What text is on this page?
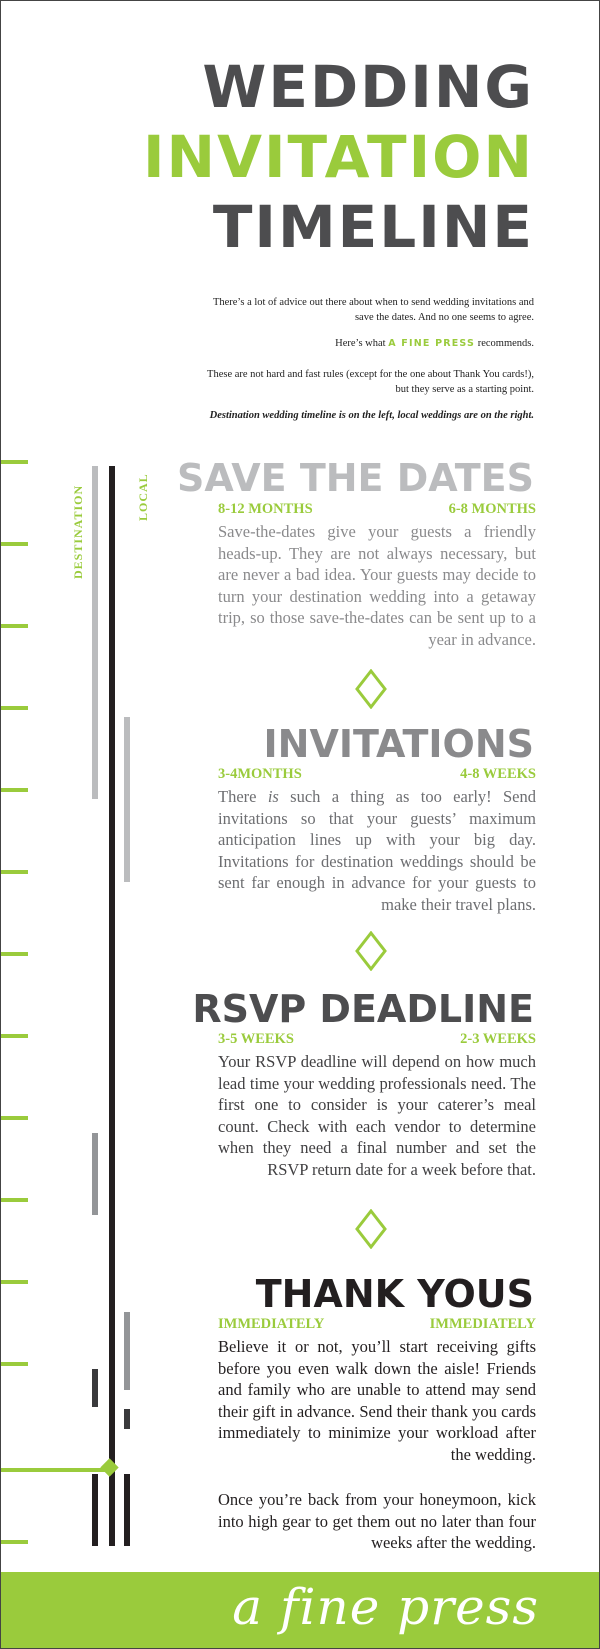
WEDDING
INVITATION
TIMELINE

There’s a lot of advice out there about when to send wedding invitations and save the dates. And no one seems to agree.

Here’s what A FINE PRESS recommends.

These are not hard and fast rules (except for the one about Thank You cards!), but they serve as a starting point.

Destination wedding timeline is on the left, local weddings are on the right.

DESTINATION	LOCAL SAVE THE DATES
8-12 MONTHS	6-8 MONTHS
Save-the-dates give your guests a friendly heads-up. They are not always necessary, but are never a bad idea. Your guests may decide to turn your destination wedding into a getaway trip, so those save-the-dates can be sent up to a year in advance.
INVITATIONS
3-4MONTHS	4-8 WEEKS
There is such a thing as too early! Send invitations so that your guests’ maximum anticipation lines up with your big day. Invitations for destination weddings should be sent far enough in advance for your guests to make their travel plans.
RSVP DEADLINE
3-5 WEEKS	2-3 WEEKS
Your RSVP deadline will depend on how much lead time your wedding professionals need. The first one to consider is your caterer’s meal count. Check with each vendor to determine when they need a final number and set the RSVP return date for a week before that.
THANK YOUS
IMMEDIATELY	IMMEDIATELY
Believe it or not, you’ll start receiving gifts before you even walk down the aisle! Friends and family who are unable to attend may send their gift in advance. Send their thank you cards immediately to minimize your workload after the wedding.
Once you’re back from your honeymoon, kick into high gear to get them out no later than four weeks after the wedding.
a fine press
